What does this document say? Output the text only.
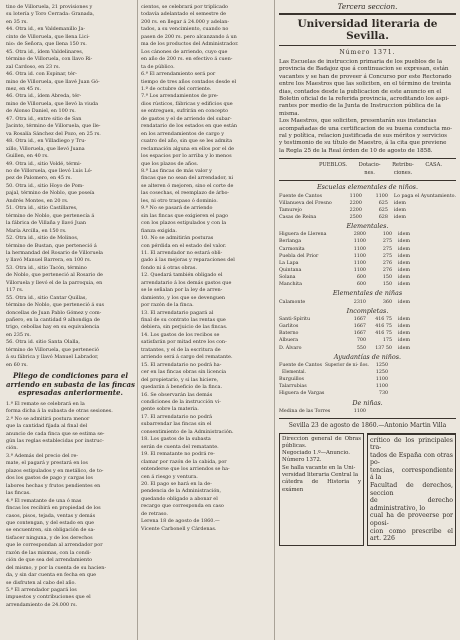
tino de Villoruela, 21 provisiones y

su lotería y Toro Cerrada: Granada,

en 35 rs.

44. Otra id., en Valdemanillo Ja-

cinto de Villoruela, que llena Lici-

nio: de Señora, que llena 150 rs.

45. Otra id., ídem Valdelinares,

término de Villoruela, con llavo Ri-

zal Cardoso, en 23 rs.

46. Otra id. con Espinar, tér-

mino de Villoruela, que llavé Juan Gó-

mez, en 45 rs.

46. Otra id., ídem Abreda, tér-

mino de Villoruela, que llevó la viuda

de Alonso Daniel, en 100 rs.

47. Otra id., entre sitio de San

Jacinto, término de Villoruela, que lle-

va Rosalía Sánchez del Pozo, en 25 rs.

48. Otra id., en Villadiego y Tru-

xillo, Villoruela, que llevó Juana

Guillen, en 40 rs.

49. Otra id., sitio Voldé, térmi-

no de Villoruela, que llevó Luis Ló-

pez de Palomero, en 45 rs.

50. Otra id., sitio Hoyo de Pom-

pajal, término de Noblo, que poseía

Andrés Montes, en 20 rs.

51. Otra id., sitio Castillares,

término de Noblo, que pertenecía á

la fábrica de Villaña y llavó Juan

María Arcilla, en 150 rs.

52. Otra id., sitio de Molinos,

término de Bustan, que perteneció á

la hermandad del Rosario de Villoruela

y llavó Manuel Barrera, en 100 rs.

53. Otra id., sitio Tacón, término

de Noblo, que perteneció al Rosario de

Villoruela y llevó el de la parroquia, en

117 rs.

55. Otra id., sitio Cantar Quillas,

término de Noblo, que perteneció á sus

doncellas de Juan Pablo Gómez y com-

pañero, en la cantidad 9 alhondiga de

trigo, cebollas hay en su equivalencia

en 235 rs.

56. Otra id. sitio Santa Olalla,

término de Villoruela, que perteneció

á su fábrica y llavó Manuel Labrador,

en 60 rs.

Pliego de condiciones para el arriendo en subasta de las fincas espresadas anteriormente.

1.ª El remate se celebrará en la

forma dicha á la subasta de otras sesiones.

2.ª No se admitirá postura menor

que la cantidad fijada al final del

anuncio de cada finca que se estima se-

gún las reglas establecidas por instruc-

ción.

3.ª Además del precio del re-

mate, el pagará y prestará en los

plazos estipulados y en metálico, de to-

dos los gastos de pago y cargas los

labores hechas y frutos pendientes en

las fincas.

4.ª El rematante de una ó mas

fincas los recibirá en propiedad de los

casos, pisos, tejada, ventas y demás

que contengan, y del estado en que

se encuentren, sin obligación de sa-

tisfacer ninguna, y de los derechos

que le correspondan al arrendador por

razón de las mismas, con la condi-

ción de que sea del arrendamiento

del mismo, y por la cuenta de su hacien-

da, y sin dar cuenta en fecha en que

se disfruten al cabo del año.

5.ª El arrendador pagará los

impuestos y contribuciones que el

arrendamiento de 24.000 rs.

cientos, se celebrará por triplicado

todavía adelantado el semestre de

200 rs. en llegar á 24.000 y adelan-

tados, a su vencimiento, cuando no

pasen de 200 rs. pero alcanzando á un

ma de los productos del Administrador.

Los cánones de arriendo, cuyo que

en año de 200 rs. en efectivo á cuen-

ta de público.

6.ª El arrendamiento será por

tiempo de tres años contados desde el

1.º de octubre del corriente.

7.ª Los arrendamientos de pre-

dios rústicos, fábricas y edificios que

se entreguen, sufrirán en concepto

de gastos y el de arriendo del subar-

rendatario de los estados en que están

en los arrendamientos de cargo y

cuatro del año, sin que se les admita

reclamación alguna en ellos por el de

los espacios por lo arriba y lo menos

que los plazos de años.

8.ª Las fincas de más valor y

fincas que no sean del arrendador, ni

se alteren ó mejoren, sino el corte de

las cosechas, el reemplazo de árbo-

les, ni otro traspaso ó dominio.

9.ª No se pasará de arriendo

sin las fincas que exigieren el pago

con los plazos estipulados y con la

fianza exigida.

10. No se admitirán posturas

con pérdida en el estado del valor.

11. El arrendador no estará obli-

gado á las mejoras y reparaciones del

fondo ni á otras obras.

12. Quedará también obligado el

arrendatario á los demás gastos que

se le señalan por la ley de arren-

damiento, y los que se devenguen

por razón de la finca.

13. El arrendatario pagará al

final de su contrato las rentas que

debiera, sin perjuicio de las fincas.

14. Los gastos de los recibos se

satisfarán por mitad entre los con-

tratantes, y el de la escritura de

arriendo será á cargo del rematante.

15. El arrendatario no podrá ha-

cer en las fincas obras sin licencia

del propietario, y si las hiciere,

quedarán á beneficio de la finca.

16. Se observarán las demás

condiciones de la instrucción vi-

gente sobre la materia.

17. El arrendatario no podrá

subarrendar las fincas sin el

consentimiento de la Administración.

18. Los gastos de la subasta

serán de cuenta del rematante.

19. El rematante no podrá re-

clamar por razón de la cabida, por

entenderse que los arriendos se ha-

cen á riesgo y ventura.

20. El pago se hará en la de-

pendencia de la Administración,

quedando obligado a abonar el

recargo que corresponda en caso

de retraso.

Lerena 18 de agosto de 1860.—

Vicente Carbonell y Cárdenas.

Tercera seccion.
Universidad literaria de Sevilla.
Número 1371.

Las Escuelas de instruccion primaria de los pueblos de la

provincia de Badajoz que á continuacion se expresan, están

vacantes y se han de proveer á Concurso por este Rectorado

entre los Maestros que las soliciten, en el término de treinta

dias, contados desde la publicacion de este anuncio en el

Boletin oficial de la referida provincia, acreditando los aspi-

rantes por medio de la Junta de Instruccion pública de la

misma.

Los Maestros, que soliciten, presentarán sus instancias

acompañadas de una certificacion de su buena conducta mo-

ral y política, relacion justificada de sus méritos y servicios

y testimonio de su título de Maestro, á la cita que previene

la Regla 25 de la Real órden de 10 de agosto de 1858.

PUEBLOS. Dotacio-
nes.
Retribu-
ciones.
CASA.
Escuelas elementales de niños.
Fuente de Cantos	1100	1100	Lo paga el Ayuntamiento.
Villanueva del Fresno	2200	625	idem
Tamurejo	2200	625	idem
Casas de Reina	2500	628	idem
Elementales.
Higuera de Llerena	2800	100	idem
Berlanga	1100	275	idem
Carmonita	1100	275	idem
Puebla del Prior	1100	275	idem
La Lapa	1100	276	idem
Quintana	1100	276	idem
Solana	600	150	idem
Manchita	600	150	idem
Elementales de niñas
Calamonte	2310	360	idem
Incompletas.
Santi-Spíritu	1667	416 75	idem
Garlitos	1667	416 75	idem
Baterno	1667	416 75	idem
Albuera	700	175	idem
D. Álvaro	550	137 50	idem
Ayudantías de niños.
Fuente de Cantos Superior de ni- ños.	1250		
Elemental.	1250		
Burguillos	1100		
Talarrubias	1100		
Higuera de Vargas	730		
De niñas.
Medina de las Torres	1100		
Sevilla 23 de agosto de 1860.—Antonio Martin Villa

Direccion general de Obras públicas.

Negociado 1.º—Anuncio.

Número 1372.

Se halla vacante en la Uni-

versidad literaria Central la

cátedra de Historia y exámen

crítico de los principales tra-

tados de España con otras po-

tencias, correspondiente á la

Facultad de derechos, seccion

de derecho administrativo, lo

cual ha de proveerse por oposi-

cion como prescribe el art. 226
